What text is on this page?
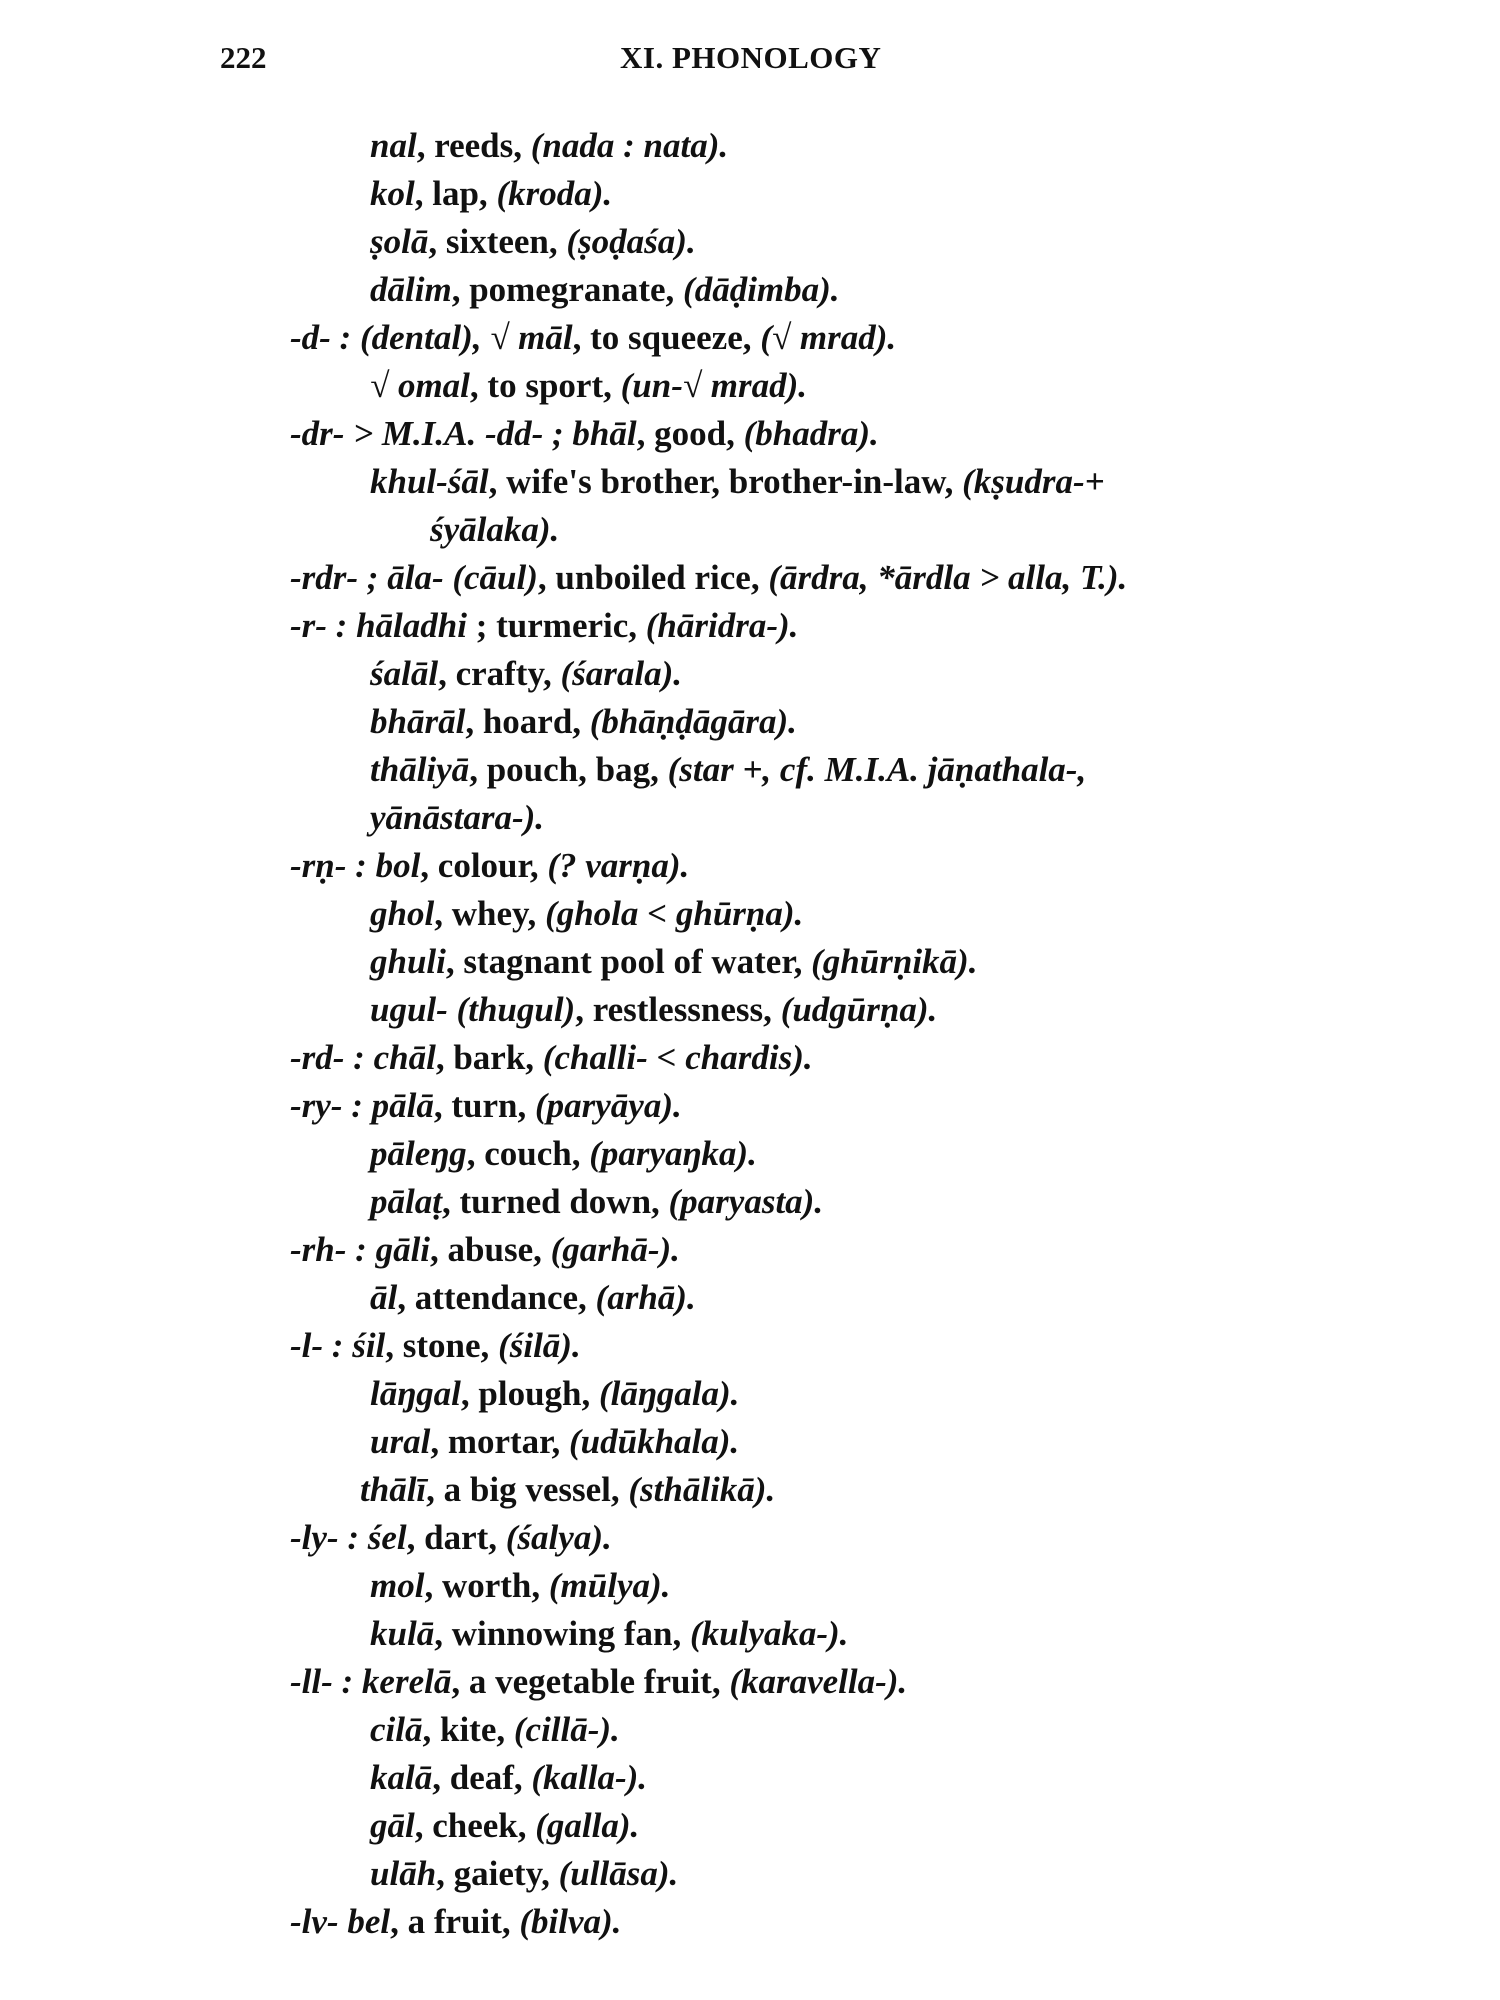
222	XI. PHONOLOGY
nal, reeds, (nada : nata).
kol, lap, (kroda).
ṣolā, sixteen, (ṣoḍaśa).
dālim, pomegranate, (dāḍimba).
-d- : (dental), √ māl, to squeeze, (√ mrad).
√ omal, to sport, (un-√ mrad).
-dr- > M.I.A. -dd- ; bhāl, good, (bhadra).
khul-śāl, wife's brother, brother-in-law, (kṣudra-+
śyālaka).
-rdr- ; āla- (cāul), unboiled rice, (ārdra, *ārdla > alla, T.).
-r- : hāladhi ; turmeric, (hāridra-).
śalāl, crafty, (śarala).
bhārāl, hoard, (bhāṇḍāgāra).
thāliyā, pouch, bag, (star +, cf. M.I.A. jāṇathala-,
yānāstara-).
-rṇ- : bol, colour, (? varṇa).
ghol, whey, (ghola < ghūrṇa).
ghuli, stagnant pool of water, (ghūrṇikā).
ugul- (thugul), restlessness, (udgūrṇa).
-rd- : chāl, bark, (challi- < chardis).
-ry- : pālā, turn, (paryāya).
pāleŋg, couch, (paryaŋka).
pālaṭ, turned down, (paryasta).
-rh- : gāli, abuse, (garhā-).
āl, attendance, (arhā).
-l- : śil, stone, (śilā).
lāŋgal, plough, (lāŋgala).
ural, mortar, (udūkhala).
thālī, a big vessel, (sthālikā).
-ly- : śel, dart, (śalya).
mol, worth, (mūlya).
kulā, winnowing fan, (kulyaka-).
-ll- : kerelā, a vegetable fruit, (karavella-).
cilā, kite, (cillā-).
kalā, deaf, (kalla-).
gāl, cheek, (galla).
ulāh, gaiety, (ullāsa).
-lv- bel, a fruit, (bilva).
